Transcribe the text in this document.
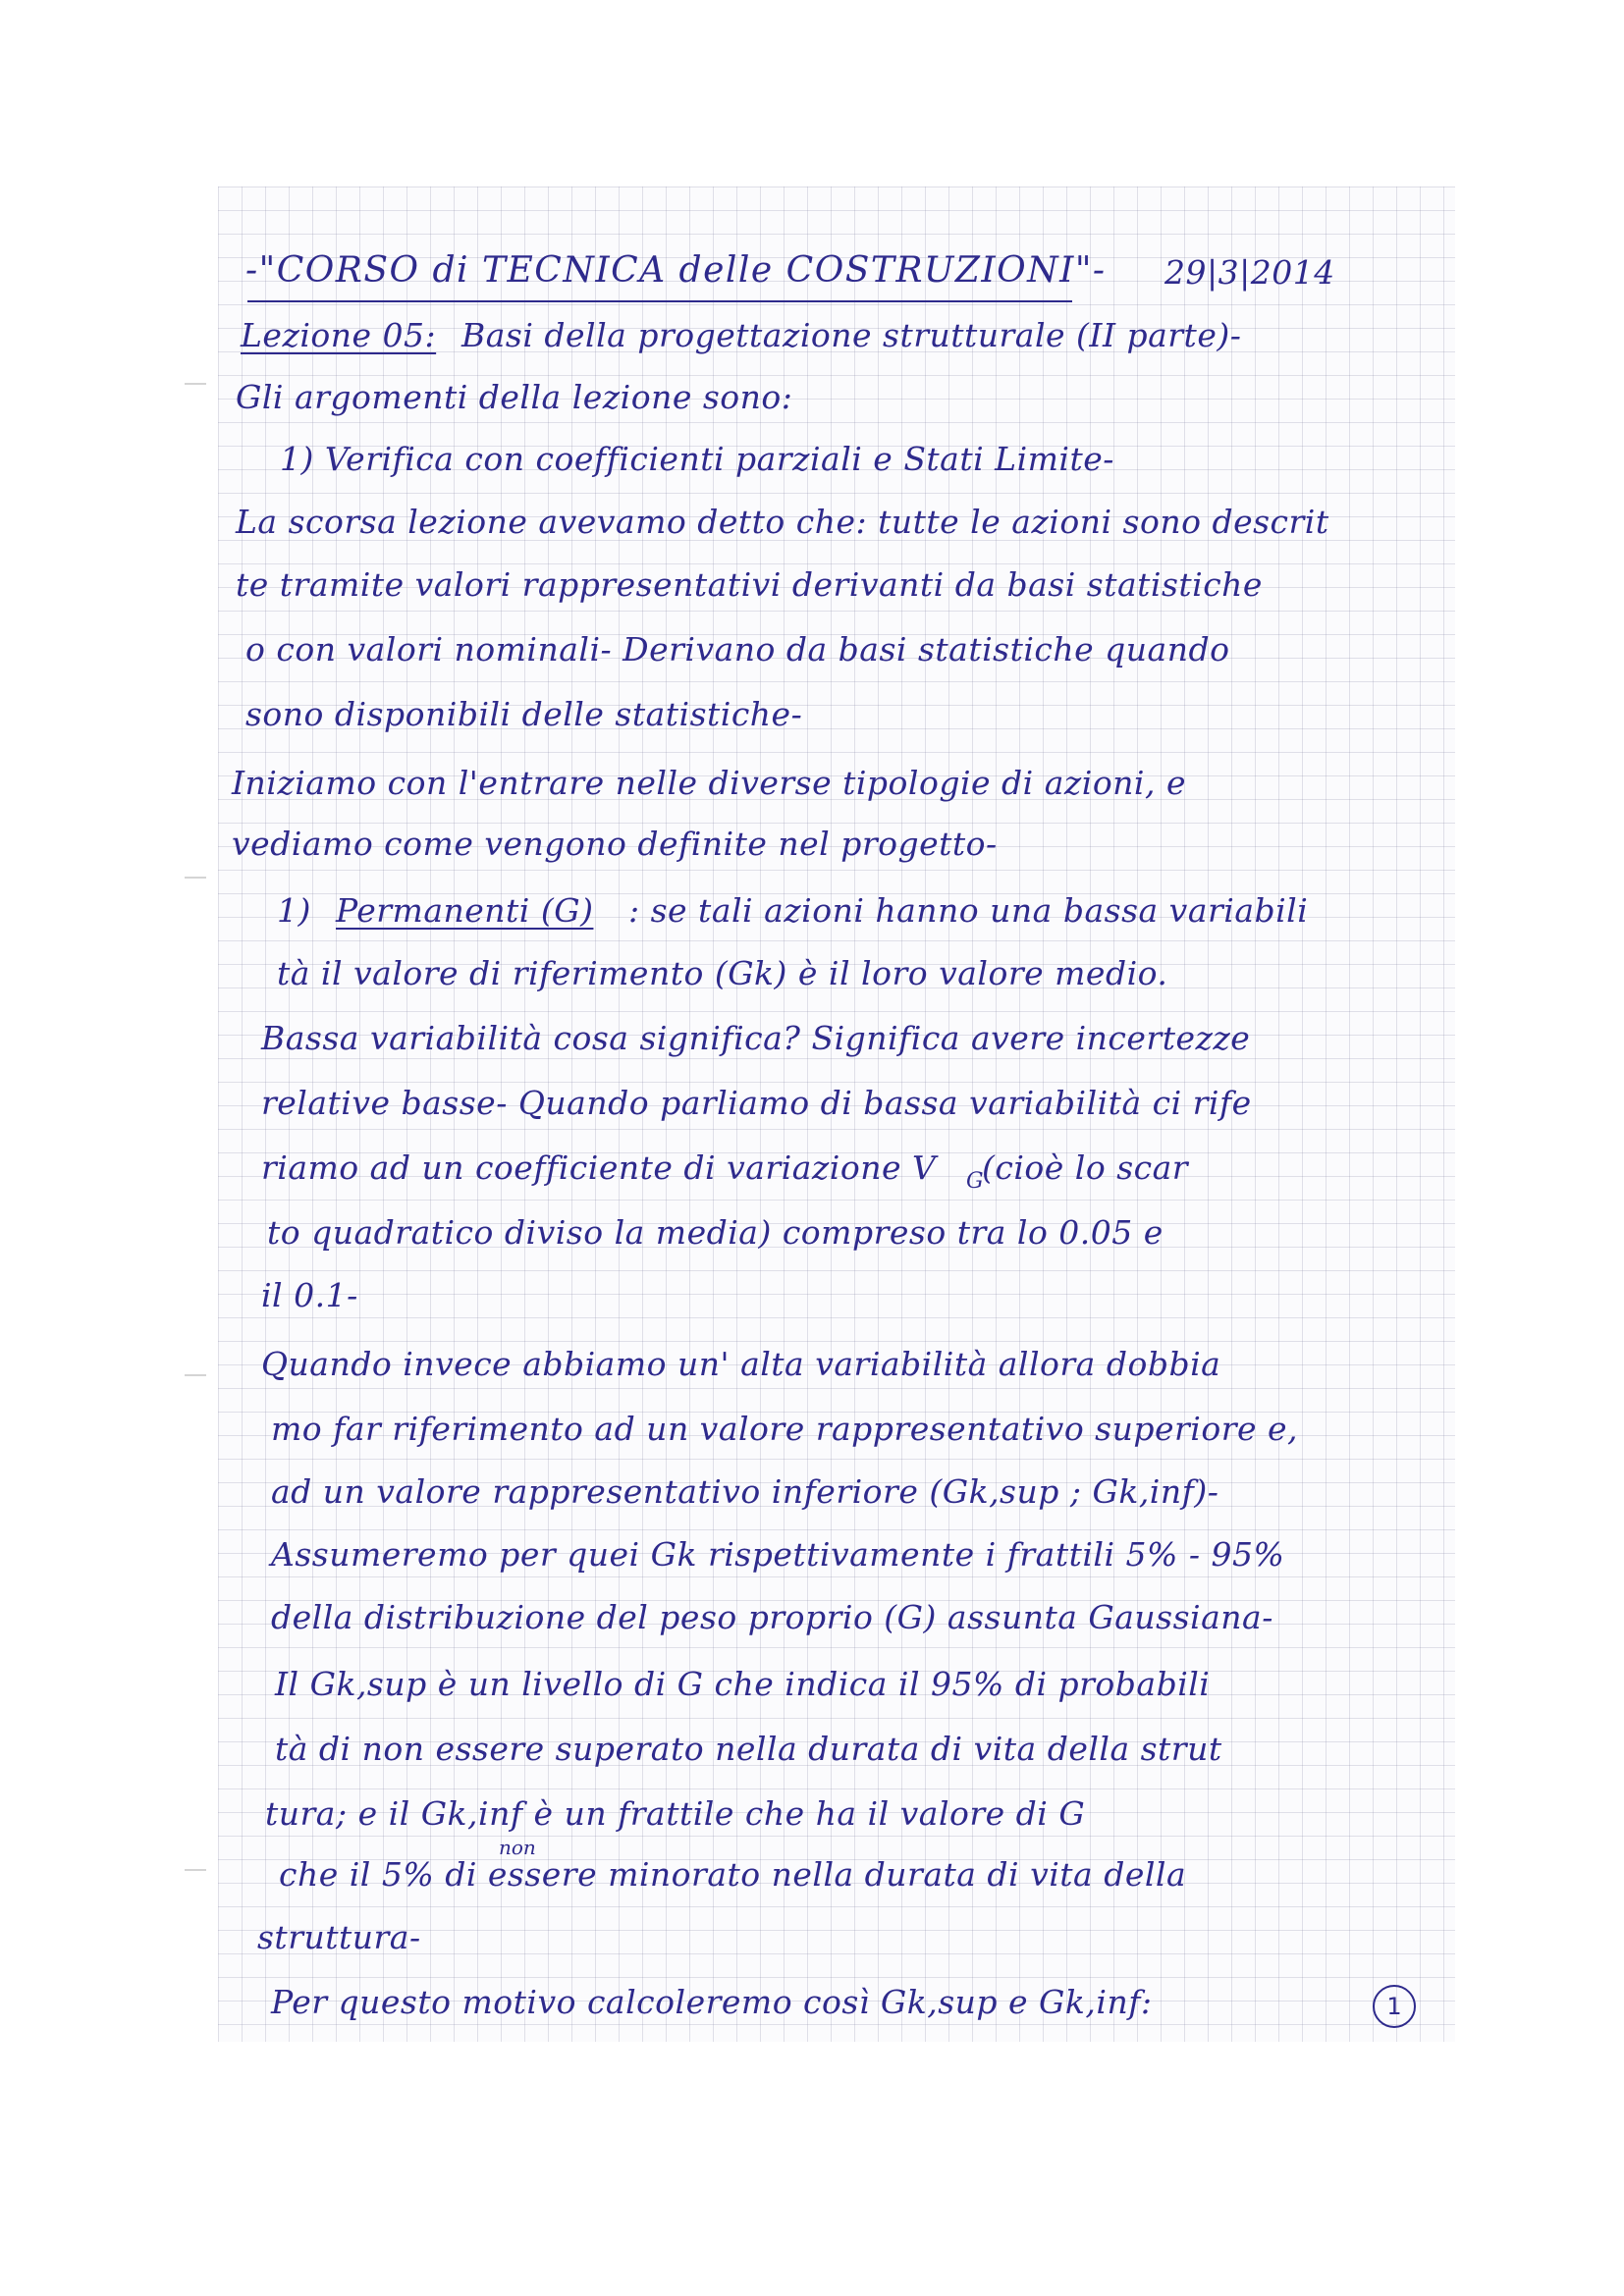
-"CORSO di TECNICA delle COSTRUZIONI"- 29|3|2014
Lezione 05: Basi della progettazione strutturale (II parte)-
Gli argomenti della lezione sono:
1) Verifica con coefficienti parziali e Stati Limite-
La scorsa lezione avevamo detto che: tutte le azioni sono descrit
te tramite valori rappresentativi derivanti da basi statistiche
o con valori nominali- Derivano da basi statistiche quando
sono disponibili delle statistiche-
Iniziamo con l'entrare nelle diverse tipologie di azioni, e
vediamo come vengono definite nel progetto-
1) Permanenti (G) : se tali azioni hanno una bassa variabili
tà il valore di riferimento (Gk) è il loro valore medio.
Bassa variabilità cosa significa? Significa avere incertezze
relative basse- Quando parliamo di bassa variabilità ci rife
riamo ad un coefficiente di variazione V G
(cioè lo scar
to quadratico diviso la media) compreso tra lo 0.05 e
il 0.1-
Quando invece abbiamo un' alta variabilità allora dobbia
mo far riferimento ad un valore rappresentativo superiore e,
ad un valore rappresentativo inferiore (Gk,sup ; Gk,inf)-
Assumeremo per quei Gk rispettivamente i frattili 5% - 95%
della distribuzione del peso proprio (G) assunta Gaussiana-
Il Gk,sup è un livello di G che indica il 95% di probabili
tà di non essere superato nella durata di vita della strut
tura; e il Gk,inf è un frattile che ha il valore di G
non
che il 5% di essere minorato nella durata di vita della
struttura-
Per questo motivo calcoleremo così Gk,sup e Gk,inf:	1
